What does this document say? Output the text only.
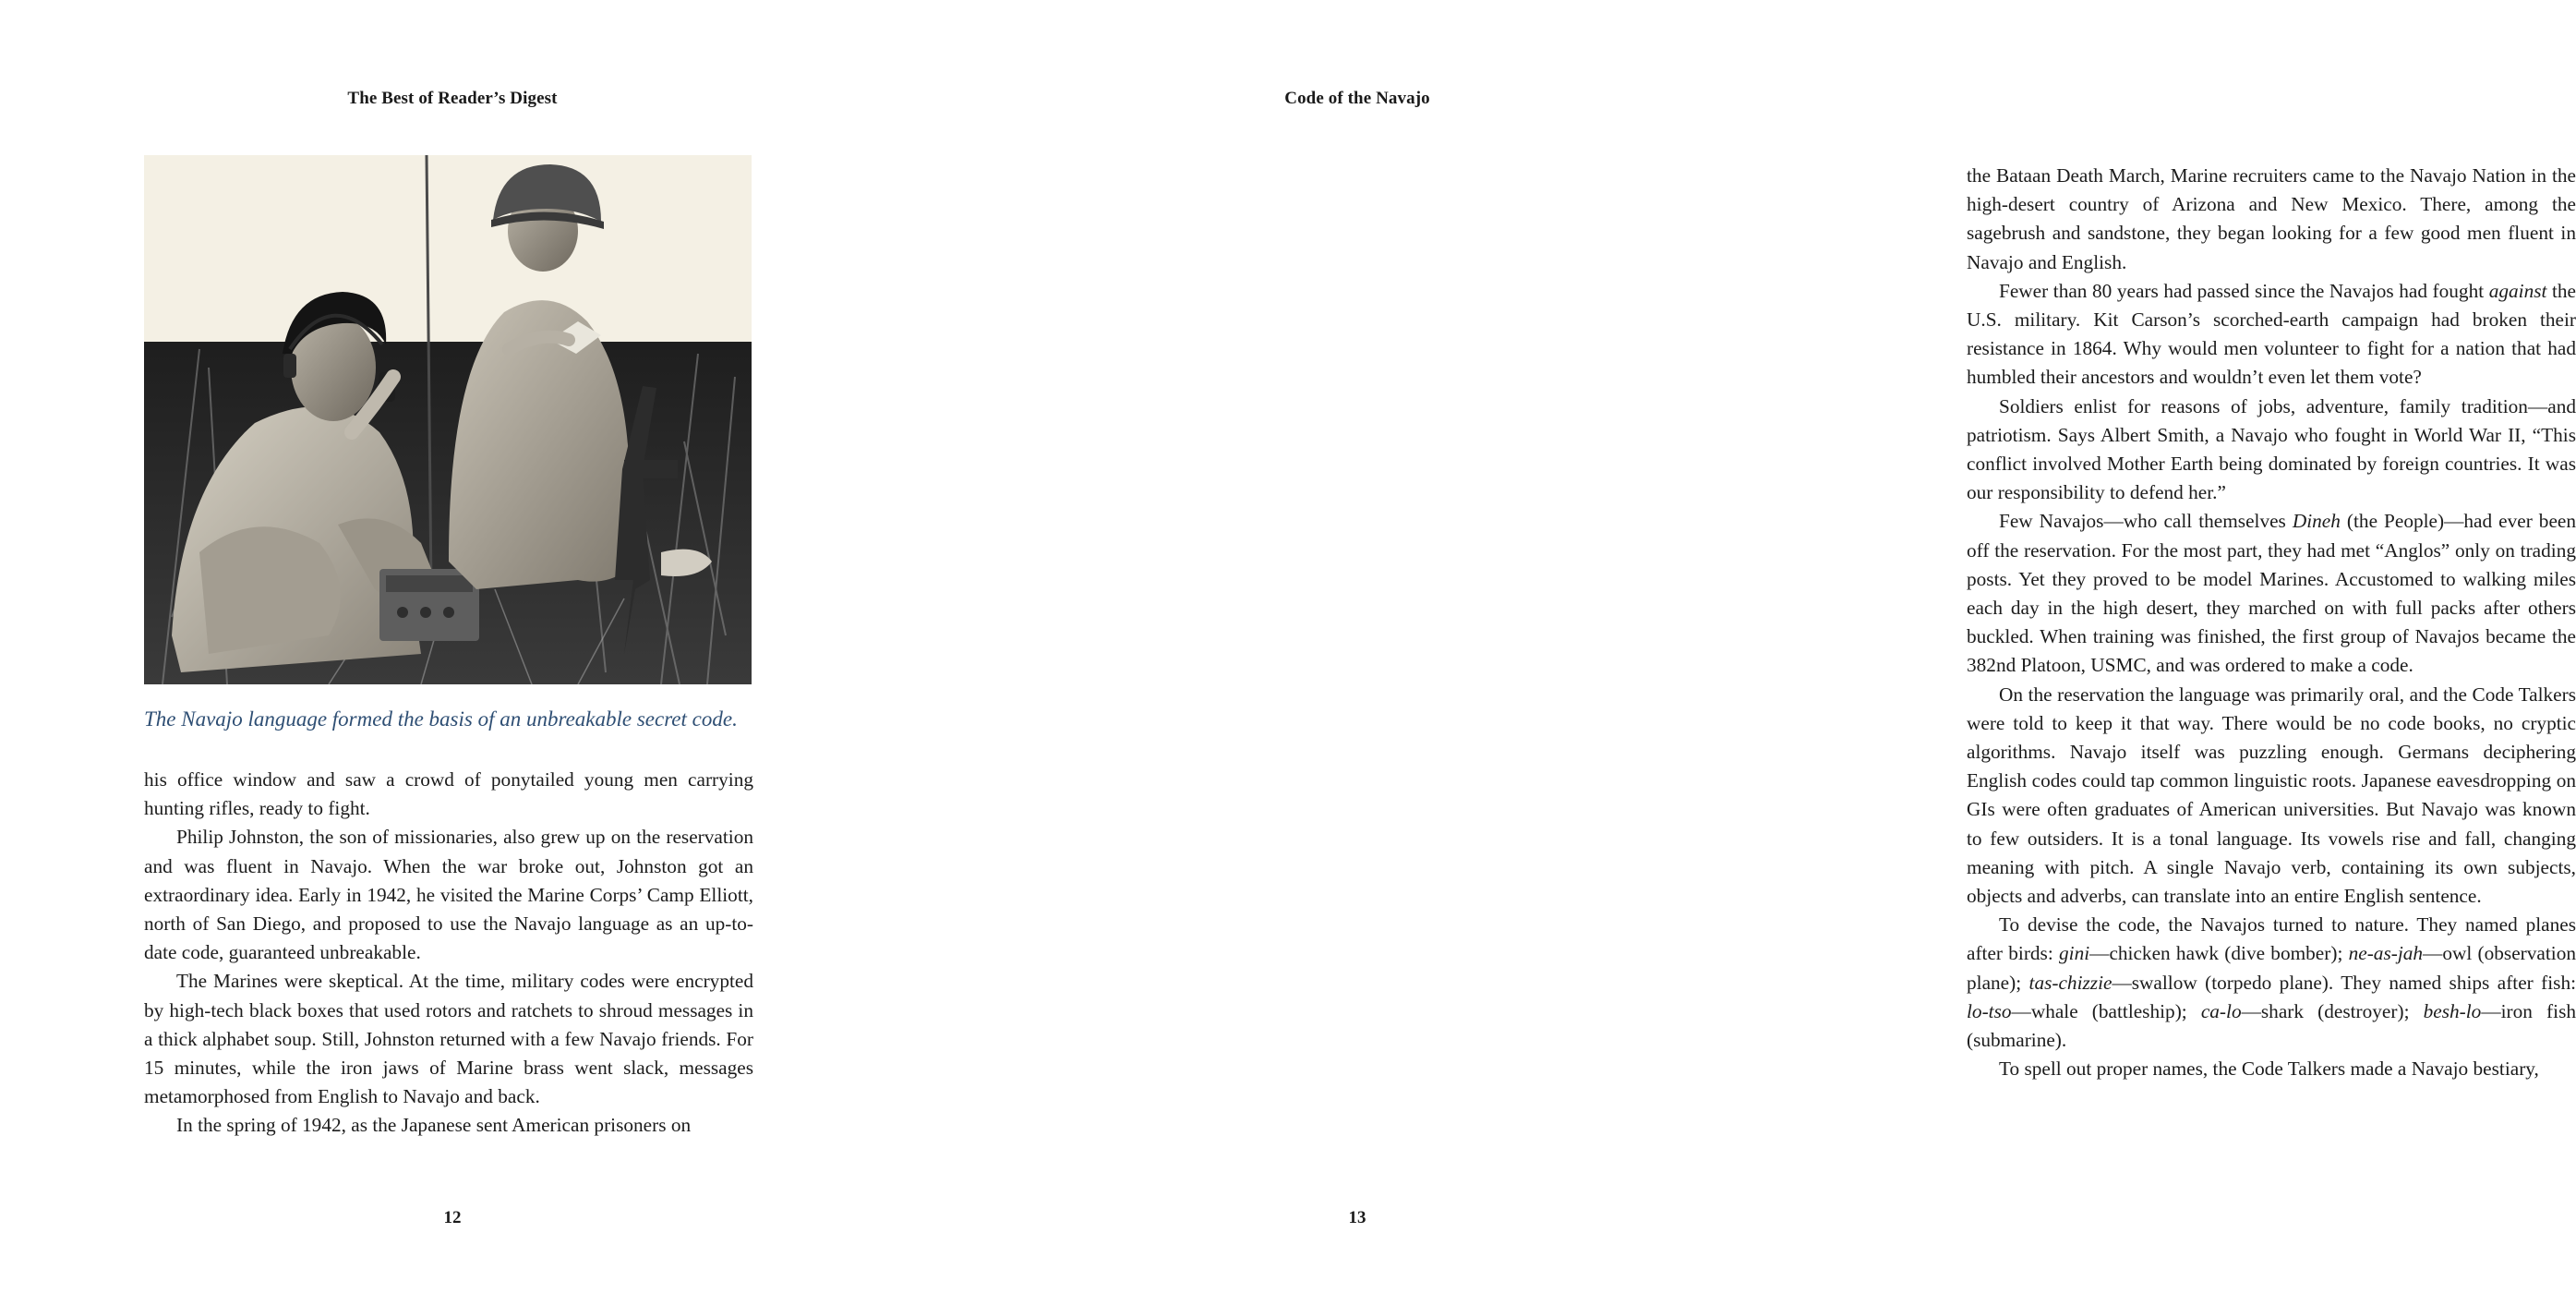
The Best of Reader’s Digest
The Navajo language formed the basis of an unbreakable secret code.

his office window and saw a crowd of ponytailed young men carrying hunting rifles, ready to fight.

Philip Johnston, the son of missionaries, also grew up on the reservation and was fluent in Navajo. When the war broke out, Johnston got an extraordinary idea. Early in 1942, he visited the Marine Corps’ Camp Elliott, north of San Diego, and proposed to use the Navajo language as an up-to-date code, guaranteed unbreakable.

The Marines were skeptical. At the time, military codes were encrypted by high-tech black boxes that used rotors and ratchets to shroud messages in a thick alphabet soup. Still, Johnston returned with a few Navajo friends. For 15 minutes, while the iron jaws of Marine brass went slack, messages metamorphosed from English to Navajo and back.

In the spring of 1942, as the Japanese sent American prisoners on

12
Code of the Navajo

the Bataan Death March, Marine recruiters came to the Navajo Nation in the high-desert country of Arizona and New Mexico. There, among the sagebrush and sandstone, they began looking for a few good men fluent in Navajo and English.

Fewer than 80 years had passed since the Navajos had fought against the U.S. military. Kit Carson’s scorched-earth campaign had broken their resistance in 1864. Why would men volunteer to fight for a nation that had humbled their ancestors and wouldn’t even let them vote?

Soldiers enlist for reasons of jobs, adventure, family tradition—and patriotism. Says Albert Smith, a Navajo who fought in World War II, “This conflict involved Mother Earth being dominated by foreign countries. It was our responsibility to defend her.”

Few Navajos—who call themselves Dineh (the People)—had ever been off the reservation. For the most part, they had met “Anglos” only on trading posts. Yet they proved to be model Marines. Accustomed to walking miles each day in the high desert, they marched on with full packs after others buckled. When training was finished, the first group of Navajos became the 382nd Platoon, USMC, and was ordered to make a code.

On the reservation the language was primarily oral, and the Code Talkers were told to keep it that way. There would be no code books, no cryptic algorithms. Navajo itself was puzzling enough. Germans deciphering English codes could tap common linguistic roots. Japanese eavesdropping on GIs were often graduates of American universities. But Navajo was known to few outsiders. It is a tonal language. Its vowels rise and fall, changing meaning with pitch. A single Navajo verb, containing its own subjects, objects and adverbs, can translate into an entire English sentence.

To devise the code, the Navajos turned to nature. They named planes after birds: gini—chicken hawk (dive bomber); ne-as-jah—owl (observation plane); tas-chizzie—swallow (torpedo plane). They named ships after fish: lo-tso—whale (battleship); ca-lo—shark (destroyer); besh-lo—iron fish (submarine).

To spell out proper names, the Code Talkers made a Navajo bestiary,

13
